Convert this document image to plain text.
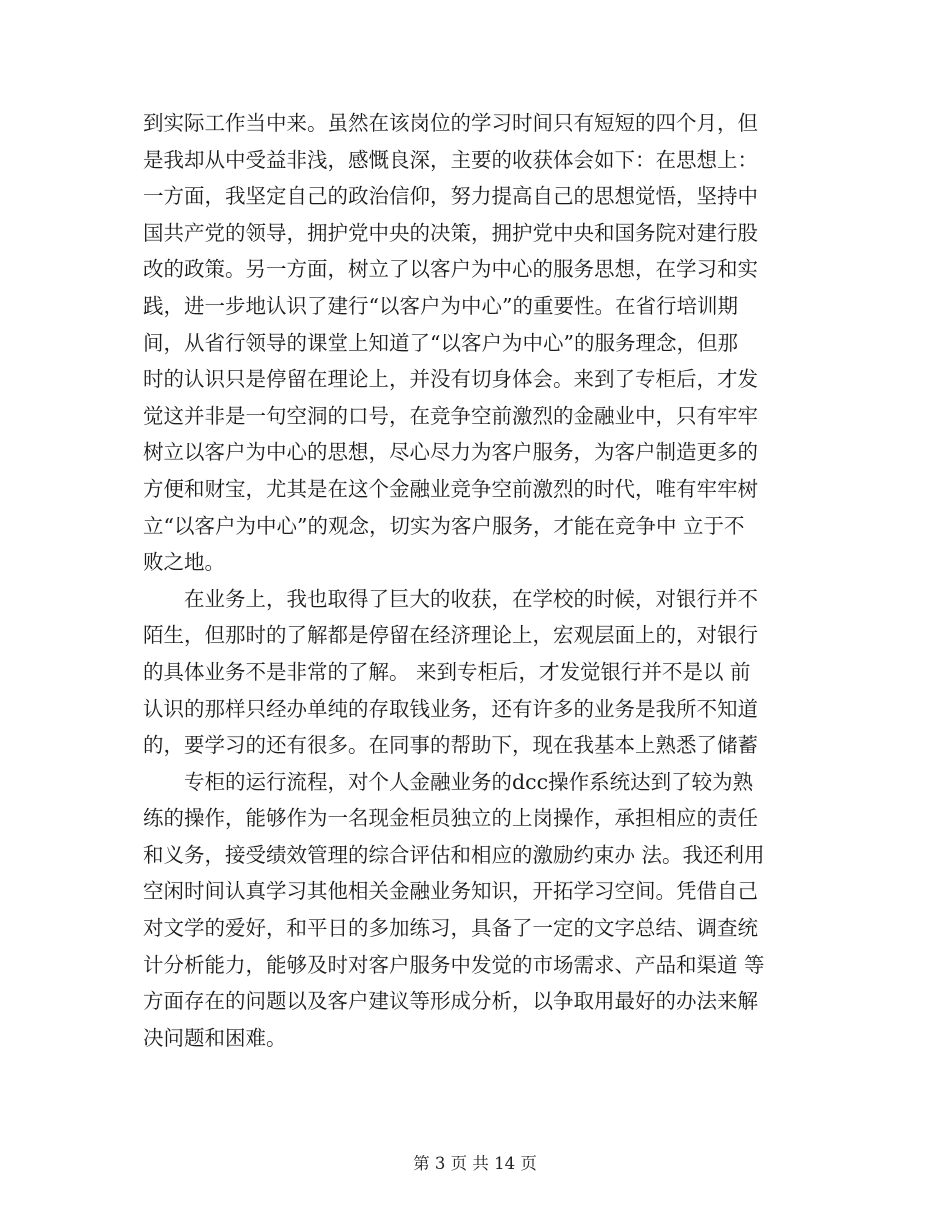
到实际工作当中来。虽然在该岗位的学习时间只有短短的四个月，但
是我却从中受益非浅，感慨良深，主要的收获体会如下：在思想上：
一方面，我坚定自己的政治信仰，努力提高自己的思想觉悟，坚持中
国共产党的领导，拥护党中央的决策，拥护党中央和国务院对建行股
改的政策。另一方面，树立了以客户为中心的服务思想，在学习和实
践，进一步地认识了建行“以客户为中心”的重要性。在省行培训期
间，从省行领导的课堂上知道了“以客户为中心”的服务理念，但那
时的认识只是停留在理论上，并没有切身体会。来到了专柜后，才发
觉这并非是一句空洞的口号，在竞争空前激烈的金融业中，只有牢牢
树立以客户为中心的思想，尽心尽力为客户服务，为客户制造更多的
方便和财宝，尤其是在这个金融业竞争空前激烈的时代，唯有牢牢树
立“以客户为中心”的观念，切实为客户服务，才能在竞争中 立于不
败之地。
在业务上，我也取得了巨大的收获，在学校的时候，对银行并不
陌生，但那时的了解都是停留在经济理论上，宏观层面上的，对银行
的具体业务不是非常的了解。 来到专柜后，才发觉银行并不是以 前
认识的那样只经办单纯的存取钱业务，还有许多的业务是我所不知道
的，要学习的还有很多。在同事的帮助下，现在我基本上熟悉了储蓄
专柜的运行流程，对个人金融业务的dcc操作系统达到了较为熟
练的操作，能够作为一名现金柜员独立的上岗操作，承担相应的责任
和义务，接受绩效管理的综合评估和相应的激励约束办 法。我还利用
空闲时间认真学习其他相关金融业务知识，开拓学习空间。凭借自己
对文学的爱好，和平日的多加练习，具备了一定的文字总结、调查统
计分析能力，能够及时对客户服务中发觉的市场需求、产品和渠道 等
方面存在的问题以及客户建议等形成分析，以争取用最好的办法来解
决问题和困难。
第 3 页 共 14 页
